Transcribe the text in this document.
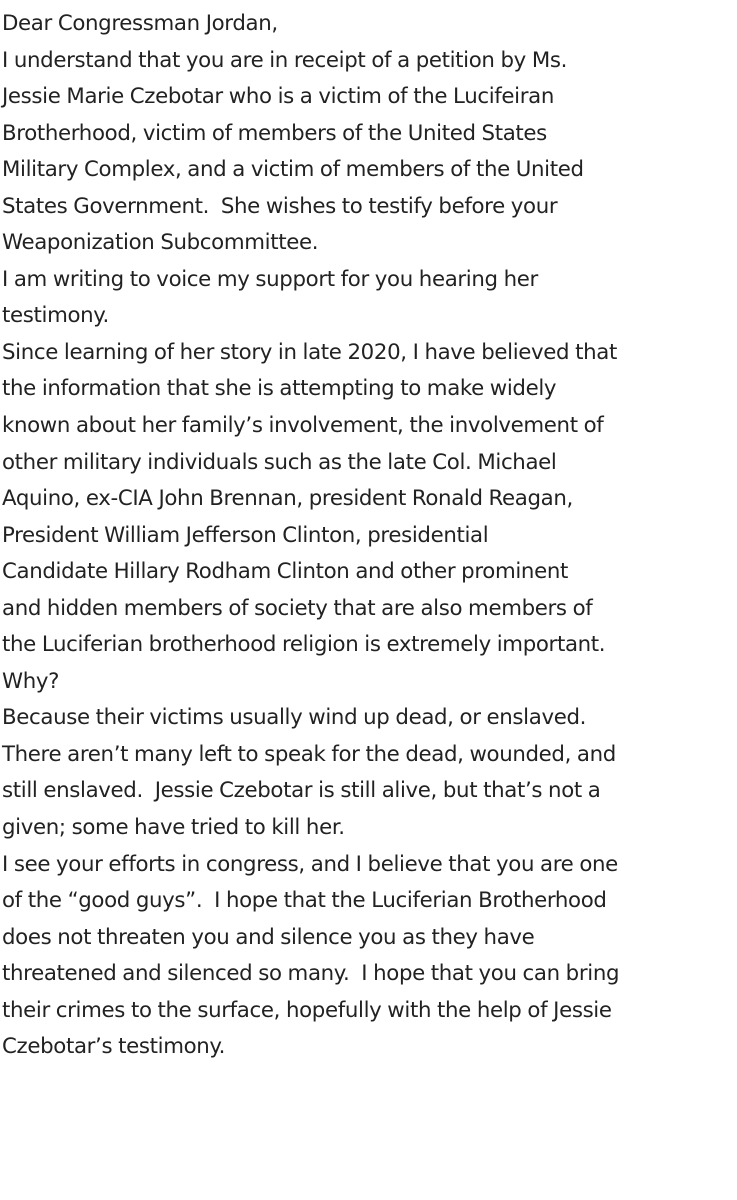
Dear Congressman Jordan,
I understand that you are in receipt of a petition by Ms.
Jessie Marie Czebotar who is a victim of the Lucifeiran
Brotherhood, victim of members of the United States
Military Complex, and a victim of members of the United
States Government.  She wishes to testify before your
Weaponization Subcommittee.
I am writing to voice my support for you hearing her
testimony.
Since learning of her story in late 2020, I have believed that
the information that she is attempting to make widely
known about her family’s involvement, the involvement of
other military individuals such as the late Col. Michael
Aquino, ex-CIA John Brennan, president Ronald Reagan,
President William Jefferson Clinton, presidential
Candidate Hillary Rodham Clinton and other prominent
and hidden members of society that are also members of
the Luciferian brotherhood religion is extremely important.
Why?
Because their victims usually wind up dead, or enslaved.
There aren’t many left to speak for the dead, wounded, and
still enslaved.  Jessie Czebotar is still alive, but that’s not a
given; some have tried to kill her.
I see your efforts in congress, and I believe that you are one
of the “good guys”.  I hope that the Luciferian Brotherhood
does not threaten you and silence you as they have
threatened and silenced so many.  I hope that you can bring
their crimes to the surface, hopefully with the help of Jessie
Czebotar’s testimony.
